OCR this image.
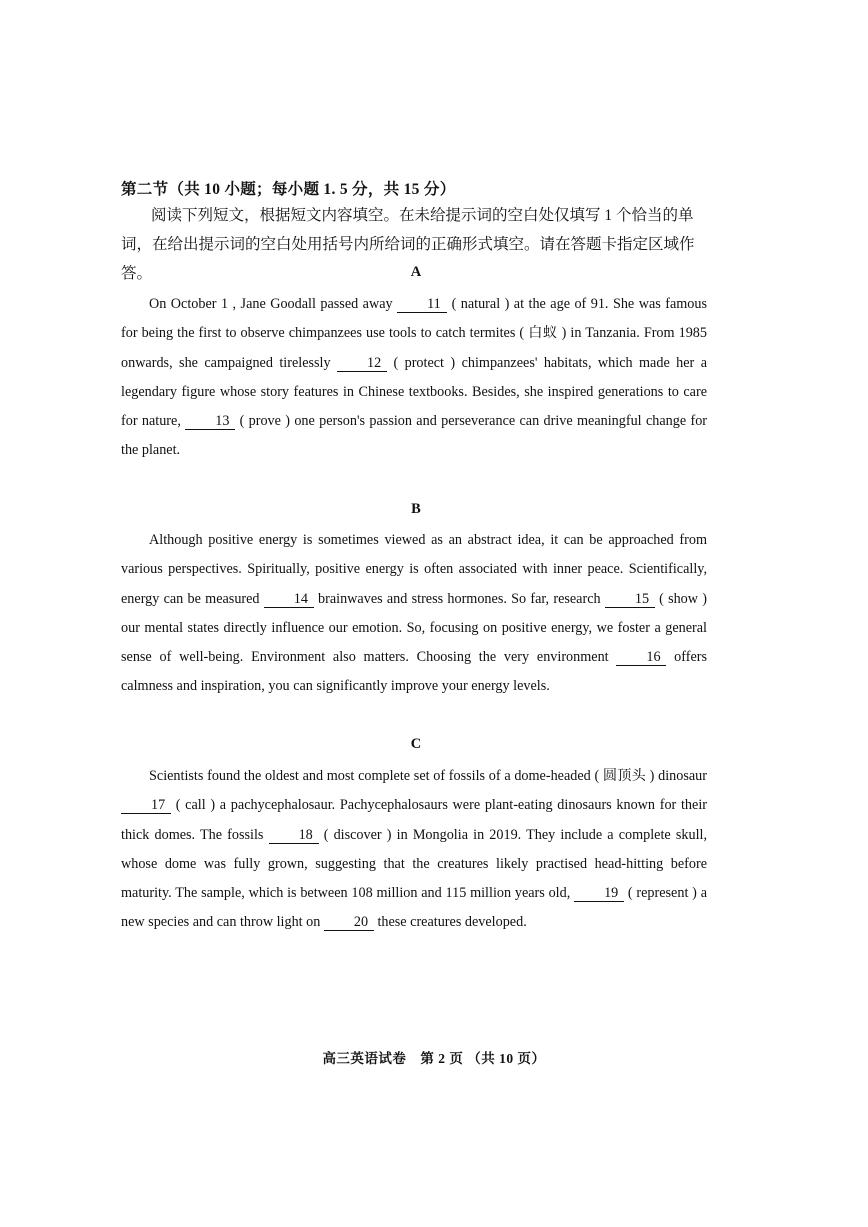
第二节（共 10 小题；每小题 1. 5 分，共 15 分）
阅读下列短文，根据短文内容填空。在未给提示词的空白处仅填写 1 个恰当的单词，在给出提示词的空白处用括号内所给词的正确形式填空。请在答题卡指定区域作答。	A

On October 1 , Jane Goodall passed away 11 ( natural ) at the age of 91. She was famous for being the first to observe chimpanzees use tools to catch termites ( 白蚁 ) in Tanzania. From 1985 onwards, she campaigned tirelessly	12 ( protect ) chimpanzees' habitats, which made her a legendary figure whose story features in Chinese textbooks. Besides, she inspired generations to care for nature, 13 ( prove ) one person's passion and perseverance can drive meaningful change for the planet.

B

Although positive energy is sometimes viewed as an abstract idea, it can be approached from various perspectives. Spiritually, positive energy is often associated with inner peace. Scientifically, energy can be measured 14 brainwaves and stress hormones. So far, research 15 ( show ) our mental states directly influence our emotion. So, focusing on positive energy, we foster a general sense of well-being. Environment also matters. Choosing the very environment	16 offers calmness and inspiration, you can significantly improve your energy levels.

C

Scientists found the oldest and most complete set of fossils of a dome-headed ( 圆顶头 ) dinosaur 17 ( call ) a pachycephalosaur. Pachycephalosaurs were plant-eating dinosaurs known for their thick domes. The fossils 18 ( discover ) in Mongolia in 2019. They include a complete skull, whose dome was fully grown, suggesting that the creatures likely practised head-hitting before maturity. The sample, which is between 108 million and 115 million years old, 19 ( represent ) a new species and can throw light on 20 these creatures developed.

高三英语试卷　第 2 页 （共 10 页）
